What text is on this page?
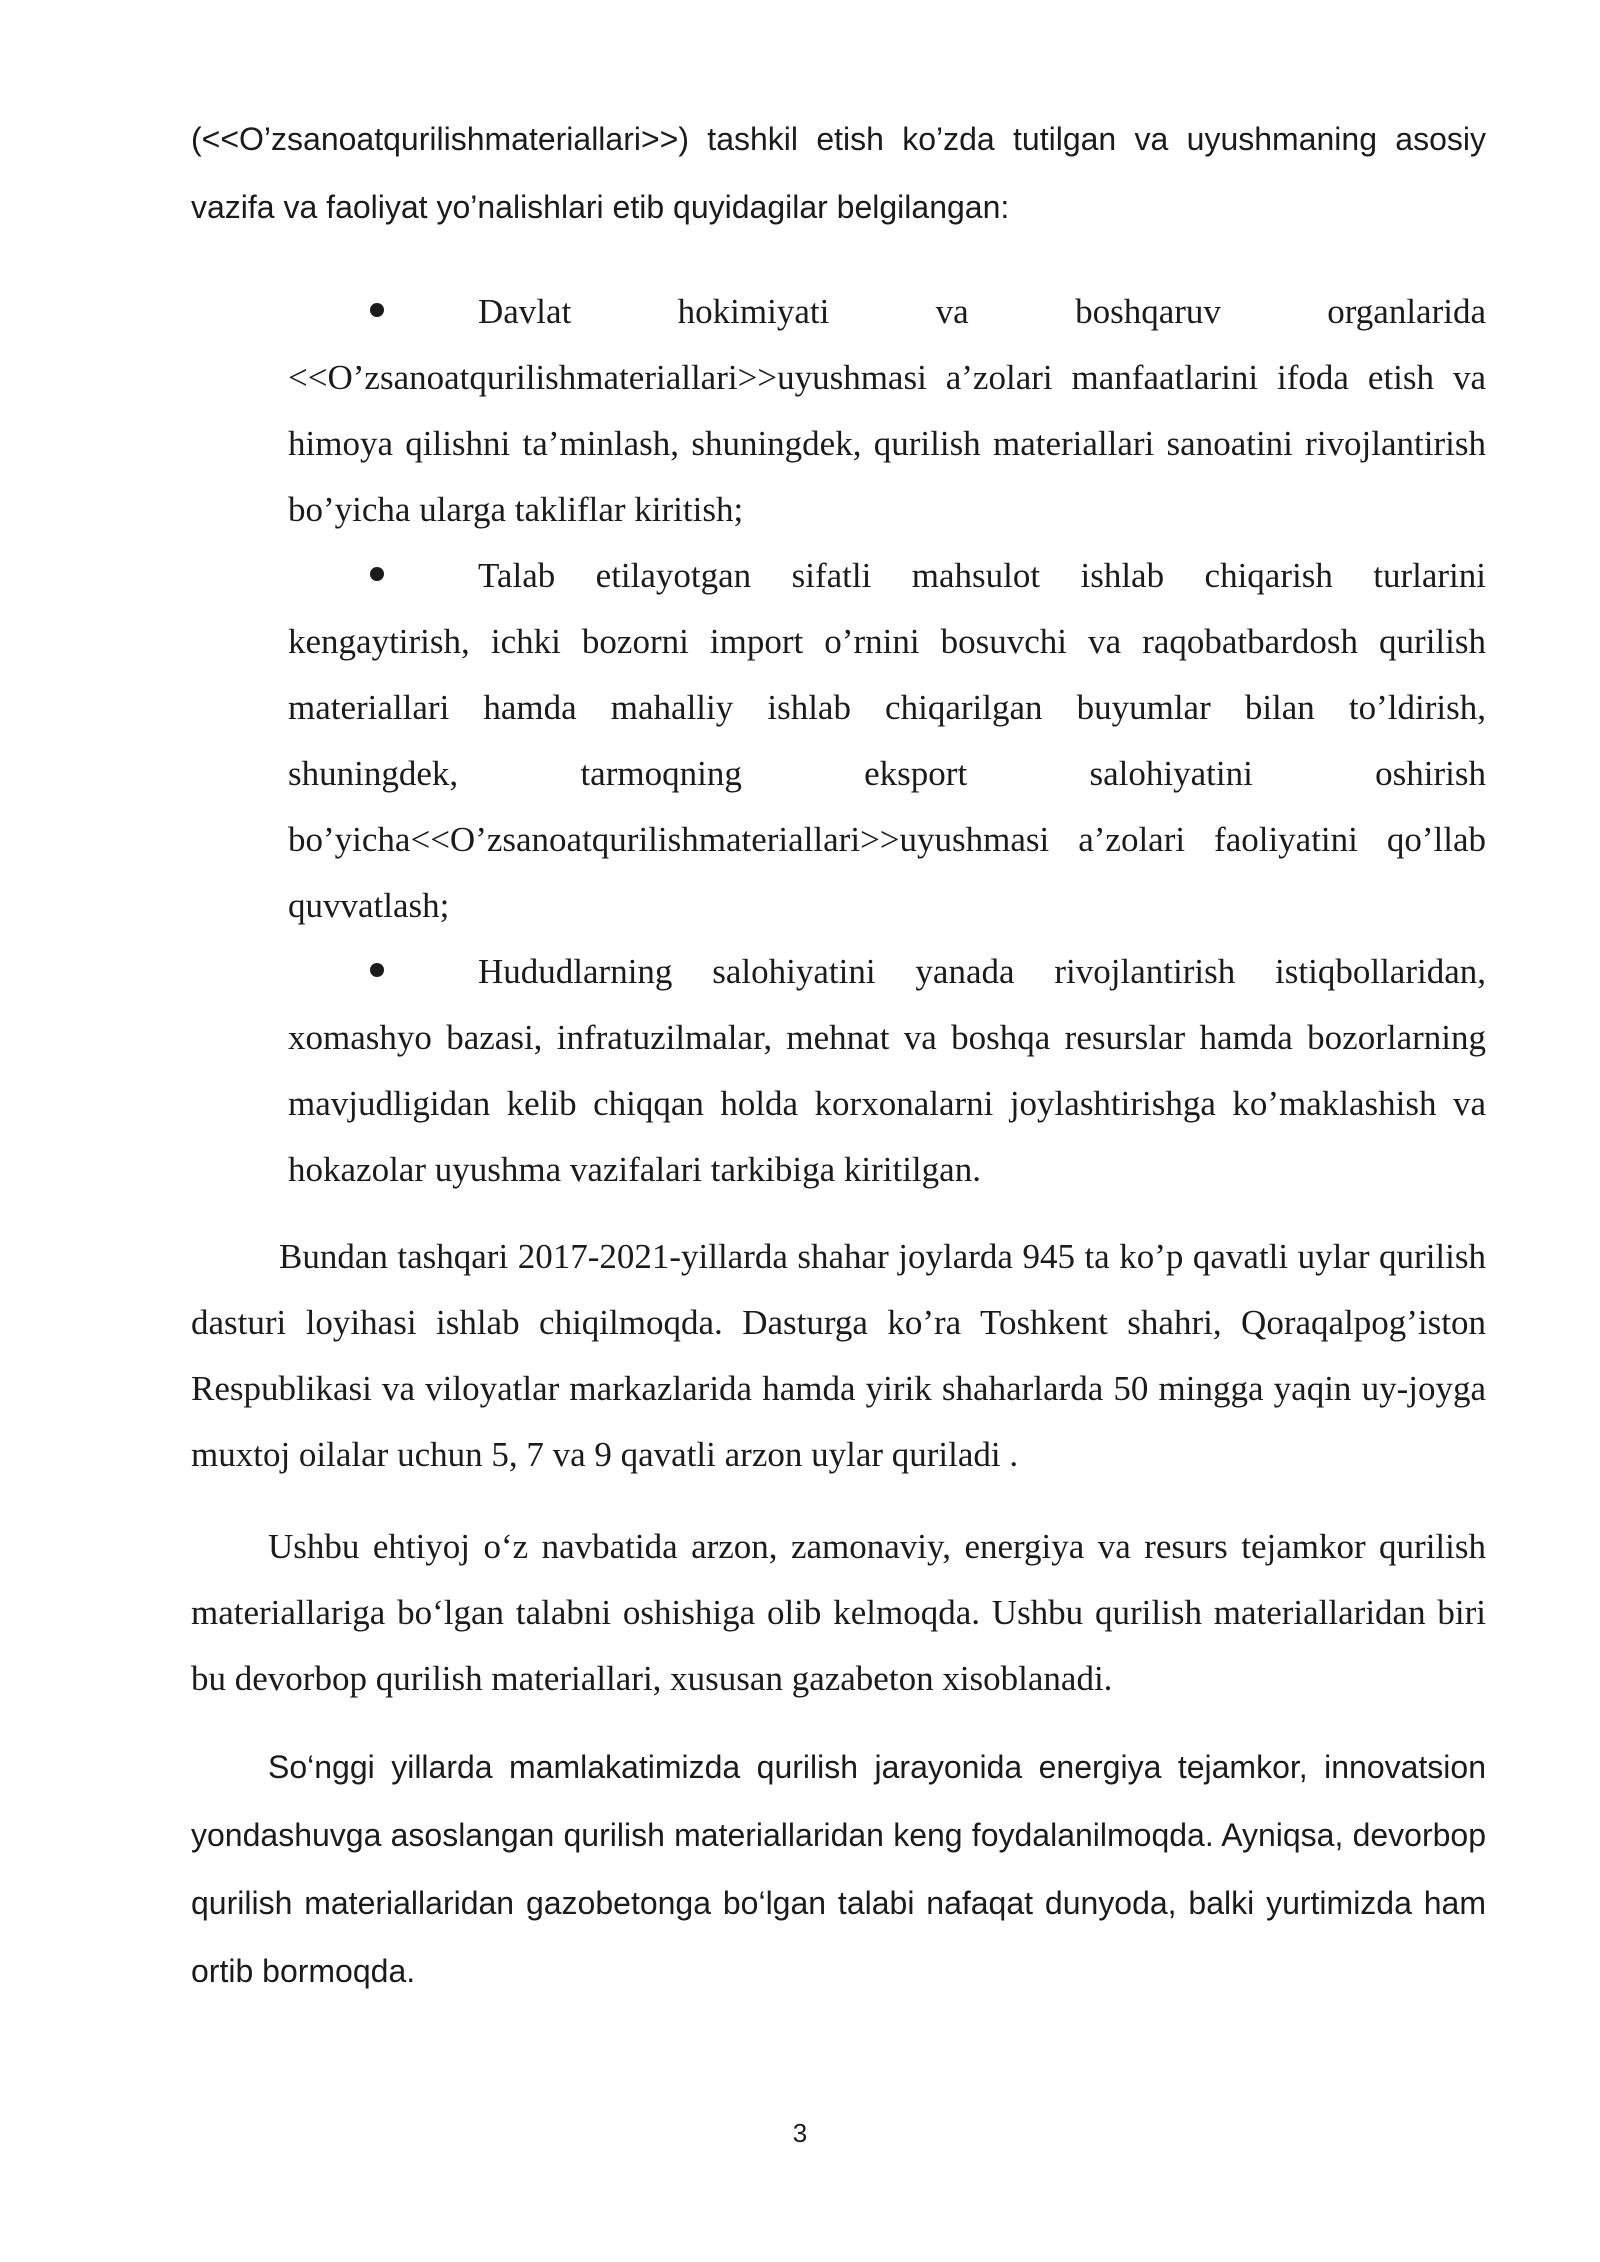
(<<O’zsanoatqurilishmateriallari>>) tashkil etish ko’zda tutilgan va uyushmaning asosiy vazifa va faoliyat yo’nalishlari etib quyidagilar belgilangan:

Davlat hokimiyati va boshqaruv organlarida <<O’zsanoatqurilishmateriallari>>uyushmasi a’zolari manfaatlarini ifoda etish va himoya qilishni ta’minlash, shuningdek, qurilish materiallari sanoatini rivojlantirish bo’yicha ularga takliflar kiritish;

Talab etilayotgan sifatli mahsulot ishlab chiqarish turlarini kengaytirish, ichki bozorni import o’rnini bosuvchi va raqobatbardosh qurilish materiallari hamda mahalliy ishlab chiqarilgan buyumlar bilan to’ldirish, shuningdek, tarmoqning eksport salohiyatini oshirish bo’yicha<<O’zsanoatqurilishmateriallari>>uyushmasi a’zolari faoliyatini qo’llab quvvatlash;

Hududlarning salohiyatini yanada rivojlantirish istiqbollaridan, xomashyo bazasi, infratuzilmalar, mehnat va boshqa resurslar hamda bozorlarning mavjudligidan kelib chiqqan holda korxonalarni joylashtirishga ko’maklashish va hokazolar uyushma vazifalari tarkibiga kiritilgan.

Bundan tashqari 2017-2021-yillarda shahar joylarda 945 ta ko’p qavatli uylar qurilish dasturi loyihasi ishlab chiqilmoqda. Dasturga ko’ra Toshkent shahri, Qoraqalpog’iston Respublikasi va viloyatlar markazlarida hamda yirik shaharlarda 50 mingga yaqin uy-joyga muxtoj oilalar uchun 5, 7 va 9 qavatli arzon uylar quriladi .

Ushbu ehtiyoj o‘z navbatida arzon, zamonaviy, energiya va resurs tejamkor qurilish materiallariga bo‘lgan talabni oshishiga olib kelmoqda. Ushbu qurilish materiallaridan biri bu devorbop qurilish materiallari, xususan gazabeton xisoblanadi.

So‘nggi yillarda mamlakatimizda qurilish jarayonida energiya tejamkor, innovatsion yondashuvga asoslangan qurilish materiallaridan keng foydalanilmoqda. Ayniqsa, devorbop qurilish materiallaridan gazobetonga bo‘lgan talabi nafaqat dunyoda, balki yurtimizda ham ortib bormoqda.

3
